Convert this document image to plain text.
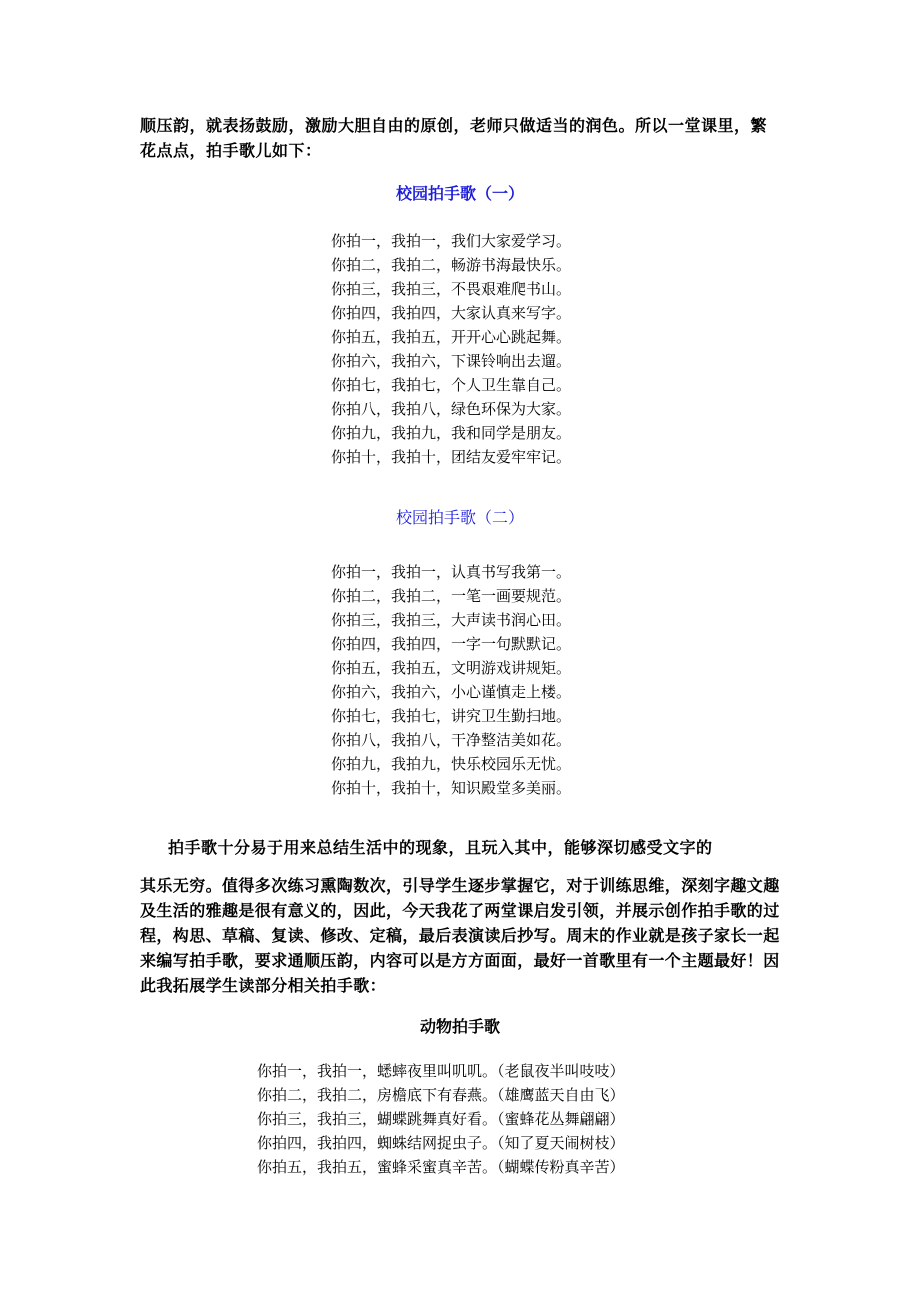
顺压韵，就表扬鼓励，激励大胆自由的原创，老师只做适当的润色。所以一堂课里，繁花点点，拍手歌儿如下：

校园拍手歌（一）
你拍一，我拍一，我们大家爱学习。
你拍二，我拍二，畅游书海最快乐。
你拍三，我拍三，不畏艰难爬书山。
你拍四，我拍四，大家认真来写字。
你拍五，我拍五，开开心心跳起舞。
你拍六，我拍六，下课铃响出去遛。
你拍七，我拍七，个人卫生靠自己。
你拍八，我拍八，绿色环保为大家。
你拍九，我拍九，我和同学是朋友。
你拍十，我拍十，团结友爱牢牢记。
校园拍手歌（二）
你拍一，我拍一，认真书写我第一。
你拍二，我拍二，一笔一画要规范。
你拍三，我拍三，大声读书润心田。
你拍四，我拍四，一字一句默默记。
你拍五，我拍五，文明游戏讲规矩。
你拍六，我拍六，小心谨慎走上楼。
你拍七，我拍七，讲究卫生勤扫地。
你拍八，我拍八，干净整洁美如花。
你拍九，我拍九，快乐校园乐无忧。
你拍十，我拍十，知识殿堂多美丽。

拍手歌十分易于用来总结生活中的现象，且玩入其中，能够深切感受文字的

其乐无穷。值得多次练习熏陶数次，引导学生逐步掌握它，对于训练思维，深刻字趣文趣及生活的雅趣是很有意义的，因此，今天我花了两堂课启发引领，并展示创作拍手歌的过程，构思、草稿、复读、修改、定稿，最后表演读后抄写。周末的作业就是孩子家长一起来编写拍手歌，要求通顺压韵，内容可以是方方面面，最好一首歌里有一个主题最好！因此我拓展学生读部分相关拍手歌：

动物拍手歌
你拍一，我拍一，蟋蟀夜里叫叽叽。（老鼠夜半叫吱吱）
你拍二，我拍二，房檐底下有春燕。（雄鹰蓝天自由飞）
你拍三，我拍三，蝴蝶跳舞真好看。（蜜蜂花丛舞翩翩）
你拍四，我拍四，蜘蛛结网捉虫子。（知了夏天闹树枝）
你拍五，我拍五，蜜蜂采蜜真辛苦。（蝴蝶传粉真辛苦）
